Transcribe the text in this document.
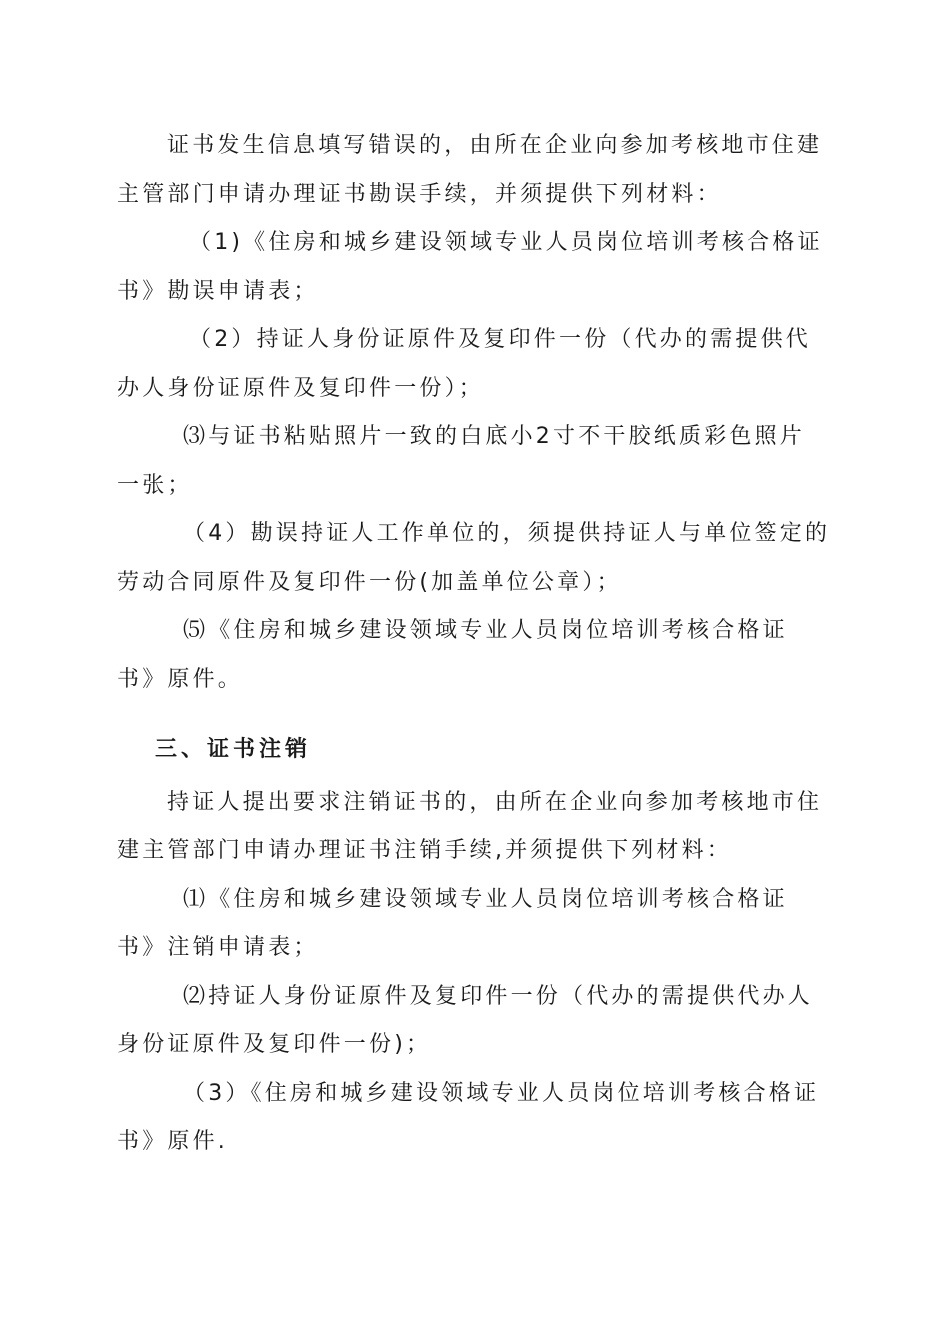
证书发生信息填写错误的，由所在企业向参加考核地市住建
主管部门申请办理证书勘误手续，并须提供下列材料：

（1)《住房和城乡建设领域专业人员岗位培训考核合格证
书》勘误申请表；

（2）持证人身份证原件及复印件一份（代办的需提供代
办人身份证原件及复印件一份）；

⑶与证书粘贴照片一致的白底小2寸不干胶纸质彩色照片
一张；

（4）勘误持证人工作单位的，须提供持证人与单位签定的
劳动合同原件及复印件一份(加盖单位公章）；

⑸《住房和城乡建设领域专业人员岗位培训考核合格证
书》原件。

三、证书注销

持证人提出要求注销证书的，由所在企业向参加考核地市住
建主管部门申请办理证书注销手续,并须提供下列材料：

⑴《住房和城乡建设领域专业人员岗位培训考核合格证
书》注销申请表；

⑵持证人身份证原件及复印件一份（代办的需提供代办人
身份证原件及复印件一份)；

（3）《住房和城乡建设领域专业人员岗位培训考核合格证
书》原件.
